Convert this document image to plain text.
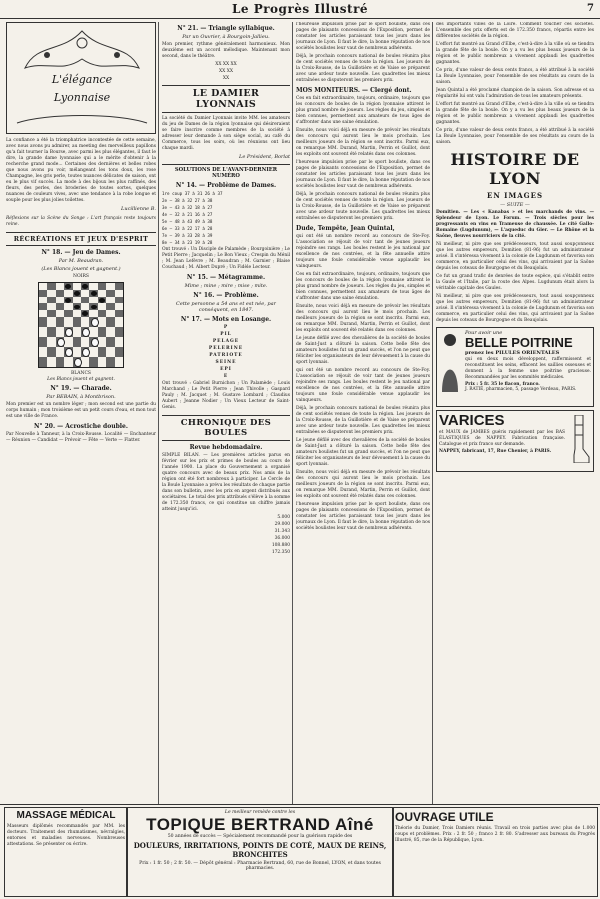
Le Progrès Illustré	7
L'élégance
Lyonnaise

La confiance a été la triomphatrice incontestée de cette semaine, avec nous avons pu admirer, au meeting des merveilleux papillons qu'a fait tourner la Bourse, avec parmi les plus élégantes, il faut le dire, la grande dame lyonnaise qui a le mérite d'obtenir à la recherche grand mode... Certaines des dernières et belles robes que nous avons pu voir, mélangeant les tons doux, les rose Champagne, les gris perle, toutes nuances délicates de saison, ont eu le plus vif succès. La mode à des bijoux les plus raffinés, des fleurs, des perles, des broderies de toutes sortes, quelques nuances de couleurs vives, avec une tendance à la robe longue et souple pour les plus jolies toilettes.

Lucillienne B.

Réflexions sur la Scène du Songe : L'art français reste toujours reine.

RÉCRÉATIONS ET JEUX D'ESPRIT
N° 18. — Jeu de Dames.
Par M. Beaudran.
(Les Blancs jouent et gagnent.)
NOIRS
BLANCS
Les Blancs jouent et gagnent.
N° 19. — Charade.
Par BEBAIN, à Montbrison.

Mon premier est un nombre léger ; mon second est une partie du corps humain ; mon troisième est un petit cours d'eau, et mon tout est une ville de France.

N° 20. — Acrostiche double.

Par Nouvelle à Tanneur, à la Croix-Rousse. Localité — Enchanteur — Réunion — Candidat — Prévoir — Fête — Verte — Flatter.

N° 21. — Triangle syllabique.
Par un Ouvrier, à Bourgoin-Jallieu.

Mon premier, rythme généralement harmonieux. Mon deuxième est un accord mélodique. Maintenant mon second, dans le théâtre.

XX XX XX
XX XX
XX
LE DAMIER LYONNAIS

La société du Damier Lyonnais invite MM. les amateurs du jeu de Dames de la région lyonnaise qui désireraient se faire inscrire comme membres de la société à adresser leur demande à son siège social, au café du Commerce, tous les soirs, où les réunions ont lieu chaque mardi.

Le Président, Borlat
SOLUTIONS DE L'AVANT-DERNIER NUMÉRO
N° 14. — Problème de Dames.
1re coup 37 à 31 26 à 37
2e — 38 à 32 27 à 38
3e — 43 à 32 18 à 27
4e — 32 à 21 16 à 27
5e — 48 à 43 49 à 38
6e — 33 à 22 17 à 28
7e — 39 à 33 28 à 39
8e — 34 à 23 19 à 28

Ont trouvé : Un Disciple de Palamède ; Bourgoinière ; Le Petit Pierre ; Jacquelin ; Le Bon Vieux ; Crespin du Ménil ; M. Jean Lefèvre ; M. Beaudran ; M. Garnier ; Blaise Couchaud ; M. Albert Dupré ; Un Fidèle Lecteur.

N° 15. — Métagramme.
Mime ; mine ; mire ; mise ; mite.
N° 16. — Problème.
Cette personne a 54 ans et est née, par conséquent, en 1847.
N° 17. — Mots en Losange.
P
PIL
PELAGE
PELERINE
PATRIOTE
SEINE
EPI
E

Ont trouvé : Gabriel Burnichon ; Un Palamède ; Louis Marchand ; Le Petit Pierre ; Jean Thivolle ; Gaspard Pauly ; M. Jacquet ; M. Gustave Lombard ; Claudius Aubert ; Jeanne Nodier ; Un Vieux Lecteur de Saint-Genis.

CHRONIQUE DES BOULES
Revue hebdomadaire.

SIMPLE BILAN. — Les premières articles parus en février sur les prix et primes de boules au cours de l'année 1900. La place du Gouvernement a organisé quatre concours avec de beaux prix. Nos amis de la région ont été fort nombreux à participer. Le Cercle de la Boule Lyonnaise a prévu les résultats de chaque partie dans son bulletin, avec les prix en argent distribués aux sociétaires. Le total des prix attribués s'élève à la somme de 172.350 francs, ce qui constitue un chiffre jamais atteint jusqu'ici.

5.000
29.000
31.343
36.000
108.880
172.350

l'heureuse impulsion prise par le sport bouliste, dans ces pages de plaisants concessions de l'Exposition, permet de constater les articles paraissant tous les jours dans les journaux de Lyon. Il faut le dire, la bonne réputation de nos sociétés boulistes leur vaut de nombreux adhérents.

Déjà, le prochain concours national de boules réunira plus de cent sociétés venues de toute la région. Les joueurs de la Croix-Rousse, de la Guillotière et de Vaise se préparent avec une ardeur toute nouvelle. Les quadrettes les mieux entraînées se disputeront les premiers prix.

MOS MONITEURS. — Clergé dont.

Ces en fait extraordinaire, toujours, ordinaire, toujours que les concours de boules de la région lyonnaise attirent le plus grand nombre de joueurs. Les règles du jeu, simples et bien connues, permettent aux amateurs de tous âges de s'affronter dans une saine émulation.

Ensuite, nous voici déjà en mesure de prévoir les résultats des concours qui auront lieu le mois prochain. Les meilleurs joueurs de la région se sont inscrits. Parmi eux, on remarque MM. Durand, Martin, Perrin et Guillot, dont les exploits ont souvent été relatés dans ces colonnes.

l'heureuse impulsion prise par le sport bouliste, dans ces pages de plaisants concessions de l'Exposition, permet de constater les articles paraissant tous les jours dans les journaux de Lyon. Il faut le dire, la bonne réputation de nos sociétés boulistes leur vaut de nombreux adhérents.

Déjà, le prochain concours national de boules réunira plus de cent sociétés venues de toute la région. Les joueurs de la Croix-Rousse, de la Guillotière et de Vaise se préparent avec une ardeur toute nouvelle. Les quadrettes les mieux entraînées se disputeront les premiers prix.

Dude, Tempête, Jean Quintal,

qui ont été un nombre record au concours de Ste-Foy. L'association se réjouit de voir tant de jeunes joueurs rejoindre ses rangs. Les boules restent le jeu national par excellence de nos contrées, et la fête annuelle attire toujours une foule considérable venue applaudir les vainqueurs.

Ces en fait extraordinaire, toujours, ordinaire, toujours que les concours de boules de la région lyonnaise attirent le plus grand nombre de joueurs. Les règles du jeu, simples et bien connues, permettent aux amateurs de tous âges de s'affronter dans une saine émulation.

Ensuite, nous voici déjà en mesure de prévoir les résultats des concours qui auront lieu le mois prochain. Les meilleurs joueurs de la région se sont inscrits. Parmi eux, on remarque MM. Durand, Martin, Perrin et Guillot, dont les exploits ont souvent été relatés dans ces colonnes.

Le jeune défilé avec des chevalières de la société de boules de Saint-Just a clôturé la saison. Cette belle fête des amateurs boulistes fut un grand succès, et l'on ne peut que féliciter les organisateurs de leur dévouement à la cause du sport lyonnais.

qui ont été un nombre record au concours de Ste-Foy. L'association se réjouit de voir tant de jeunes joueurs rejoindre ses rangs. Les boules restent le jeu national par excellence de nos contrées, et la fête annuelle attire toujours une foule considérable venue applaudir les vainqueurs.

Déjà, le prochain concours national de boules réunira plus de cent sociétés venues de toute la région. Les joueurs de la Croix-Rousse, de la Guillotière et de Vaise se préparent avec une ardeur toute nouvelle. Les quadrettes les mieux entraînées se disputeront les premiers prix.

Le jeune défilé avec des chevalières de la société de boules de Saint-Just a clôturé la saison. Cette belle fête des amateurs boulistes fut un grand succès, et l'on ne peut que féliciter les organisateurs de leur dévouement à la cause du sport lyonnais.

Ensuite, nous voici déjà en mesure de prévoir les résultats des concours qui auront lieu le mois prochain. Les meilleurs joueurs de la région se sont inscrits. Parmi eux, on remarque MM. Durand, Martin, Perrin et Guillot, dont les exploits ont souvent été relatés dans ces colonnes.

l'heureuse impulsion prise par le sport bouliste, dans ces pages de plaisants concessions de l'Exposition, permet de constater les articles paraissant tous les jours dans les journaux de Lyon. Il faut le dire, la bonne réputation de nos sociétés boulistes leur vaut de nombreux adhérents.

des importants villes de la Loire. Comment toucher ces sociétés. L'ensemble des prix offerts est de 172.350 francs, répartis entre les différentes sociétés de la région.

L'effort fut montré au Grand d'Elbe, c'est-à-dire à la ville où se tiendra la grande fête de la boule. On y a vu les plus beaux joueurs de la région et le public nombreux a vivement applaudi les quadrettes gagnantes.

Ce prix, d'une valeur de deux cents francs, a été attribué à la société La Boule Lyonnaise, pour l'ensemble de ses résultats au cours de la saison.

Jean Quintal a été proclamé champion de la saison. Son adresse et sa régularité lui ont valu l'admiration de tous les amateurs présents.

L'effort fut montré au Grand d'Elbe, c'est-à-dire à la ville où se tiendra la grande fête de la boule. On y a vu les plus beaux joueurs de la région et le public nombreux a vivement applaudi les quadrettes gagnantes.

Ce prix, d'une valeur de deux cents francs, a été attribué à la société La Boule Lyonnaise, pour l'ensemble de ses résultats au cours de la saison.

HISTOIRE DE LYON
EN IMAGES
— SUITE —

Domitien. — Les « Kanabas » et les marchands de vins. — Splendeur de Lyon. Le Forum. — Trois siècles pour les progressants en vins en Trameuse de chaussée. Le cité Gallo-Romaine (Lugdunum), — L'aqueduc du Gier. — Le Rhône et la Saône, fleuves nourriciers de la cité.

Ni meilleur, ni pire que ses prédécesseurs, tout aussi soupçonneux que les autres empereurs, Domitien (81-96) fut un administrateur avisé. Il s'intéressa vivement à la colonie de Lugdunum et favorisa son commerce, en particulier celui des vins, qui arrivaient par la Saône depuis les coteaux de Bourgogne et du Beaujolais.

Ce fut un grand trafic de denrées de toute espèce, qui s'établit entre la Gaule et l'Italie, par la route des Alpes. Lugdunum était alors la véritable capitale des Gaules.

Ni meilleur, ni pire que ses prédécesseurs, tout aussi soupçonneux que les autres empereurs, Domitien (81-96) fut un administrateur avisé. Il s'intéressa vivement à la colonie de Lugdunum et favorisa son commerce, en particulier celui des vins, qui arrivaient par la Saône depuis les coteaux de Bourgogne et du Beaujolais.

Pour avoir une
BELLE POITRINE
prenez les PILULES ORIENTALES

qui en deux mois développent, raffermissent et reconstituent les seins, effacent les saillies osseuses et donnent à la femme une poitrine gracieuse. Recommandées par les sommités médicales.

Prix : 5 fr. 35 le flacon, franco.
J. RATIÉ, pharmacien, 5, passage Verdeau, PARIS.
VARICES

et MAUX de JAMBES guéris rapidement par les BAS ÉLASTIQUES de NAPPEY. Fabrication française. Catalogue et prix franco sur demande.

NAPPEY, fabricant, 17, Rue Chenier, à PARIS.
MASSAGE MÉDICAL

Masseurs diplômés recommandés par MM. les docteurs. Traitement des rhumatismes, névralgies, entorses et maladies nerveuses. Nombreuses attestations. Se présenter ou écrire.

Le meilleur remède contre les
TOPIQUE BERTRAND Aîné
50 années de succès — Spécialement recommandé pour la guérison rapide des
DOULEURS, IRRITATIONS, POINTS DE COTÉ, MAUX DE REINS, BRONCHITES
Prix : 1 fr. 50 ; 2 fr. 50. — Dépôt général : Pharmacie Bertrand, 60, rue de Bonnel, LYON, et dans toutes pharmacies.
OUVRAGE UTILE

Théorie du Damier, Trois Damiers réunis. Travail en trois parties avec plus de 1.000 coups et problèmes. Prix : 2 fr. 50 ; franco 2 fr. 80. S'adresser aux bureaux du Progrès Illustré, 85, rue de la République, Lyon.
